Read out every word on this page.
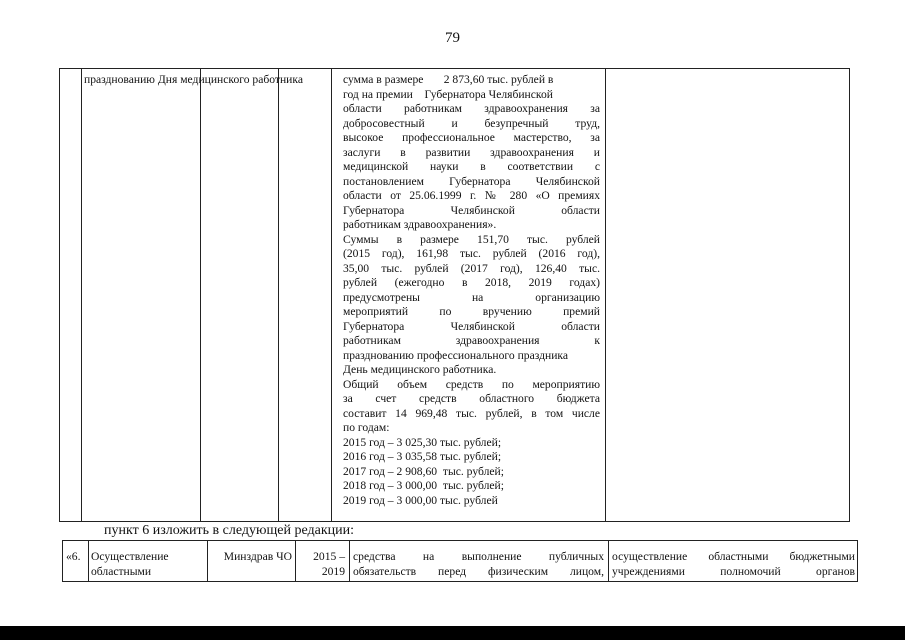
79
празднованию Дня медицинского работника	сумма в размере       2 873,60 тыс. рублей в
год на премии    Губернатора Челябинской
области работникам здравоохранения за
добросовестный и безупречный труд,
высокое профессиональное мастерство, за
заслуги в развитии здравоохранения и
медицинской науки в соответствии с
постановлением Губернатора Челябинской
области от 25.06.1999 г. № 280 «О премиях
Губернатора Челябинской области
работникам здравоохранения».
Суммы в размере 151,70 тыс. рублей
(2015 год), 161,98 тыс. рублей (2016 год),
35,00 тыс. рублей (2017 год), 126,40 тыс.
рублей (ежегодно в 2018, 2019 годах)
предусмотрены на организацию
мероприятий по вручению премий
Губернатора Челябинской области
работникам здравоохранения к
празднованию профессионального праздника
День медицинского работника.
Общий объем средств по мероприятию
за счет средств областного бюджета
составит 14 969,48 тыс. рублей, в том числе
по годам:
2015 год – 3 025,30 тыс. рублей;
2016 год – 3 035,58 тыс. рублей;
2017 год – 2 908,60  тыс. рублей;
2018 год – 3 000,00  тыс. рублей;
2019 год – 3 000,00 тыс. рублей
пункт 6 изложить в следующей редакции:
«6. Осуществление
областными
Минздрав ЧО	2015 –
2019
средства на выполнение публичных
обязательств перед физическим лицом,
осуществление областными бюджетными
учреждениями полномочий органов
